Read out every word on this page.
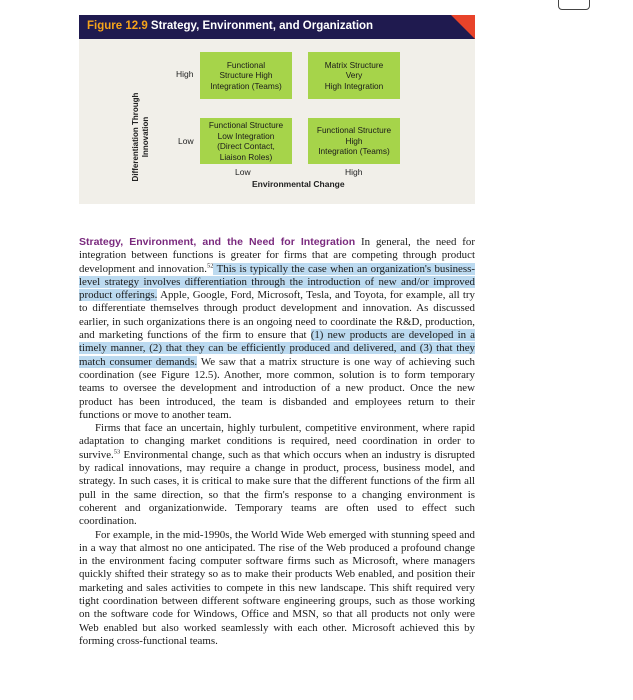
Figure 12.9 Strategy, Environment, and Organization
Differentiation Through
Innovation
High
Low
Functional
Structure High
Integration (Teams)
Matrix Structure
Very
High Integration
Functional Structure
Low Integration
(Direct Contact,
Liaison Roles)
Functional Structure
High
Integration (Teams)
Low	High
Environmental Change

Strategy, Environment, and the Need for Integration In general, the need for integration between functions is greater for firms that are competing through product development and innovation.$^{52}$ This is typically the case when an organization's business-level strategy involves differentiation through the introduction of new and/or improved product offerings. Apple, Google, Ford, Microsoft, Tesla, and Toyota, for example, all try to differentiate themselves through product development and innovation. As discussed earlier, in such organizations there is an ongoing need to coordinate the R&D, production, and marketing functions of the firm to ensure that (1) new products are developed in a timely manner, (2) that they can be efficiently produced and delivered, and (3) that they match consumer demands. We saw that a matrix structure is one way of achieving such coordination (see Figure 12.5). Another, more common, solution is to form temporary teams to oversee the development and introduction of a new product. Once the new product has been introduced, the team is disbanded and employees return to their functions or move to another team.

Firms that face an uncertain, highly turbulent, competitive environment, where rapid adaptation to changing market conditions is required, need coordination in order to survive.$^{53}$ Environmental change, such as that which occurs when an industry is disrupted by radical innovations, may require a change in product, process, business model, and strategy. In such cases, it is critical to make sure that the different functions of the firm all pull in the same direction, so that the firm's response to a changing environment is coherent and organizationwide. Temporary teams are often used to effect such coordination.

For example, in the mid-1990s, the World Wide Web emerged with stunning speed and in a way that almost no one anticipated. The rise of the Web produced a profound change in the environment facing computer software firms such as Microsoft, where managers quickly shifted their strategy so as to make their products Web enabled, and position their marketing and sales activities to compete in this new landscape. This shift required very tight coordination between different software engineering groups, such as those working on the software code for Windows, Office and MSN, so that all products not only were Web enabled but also worked seamlessly with each other. Microsoft achieved this by forming cross-functional teams.
